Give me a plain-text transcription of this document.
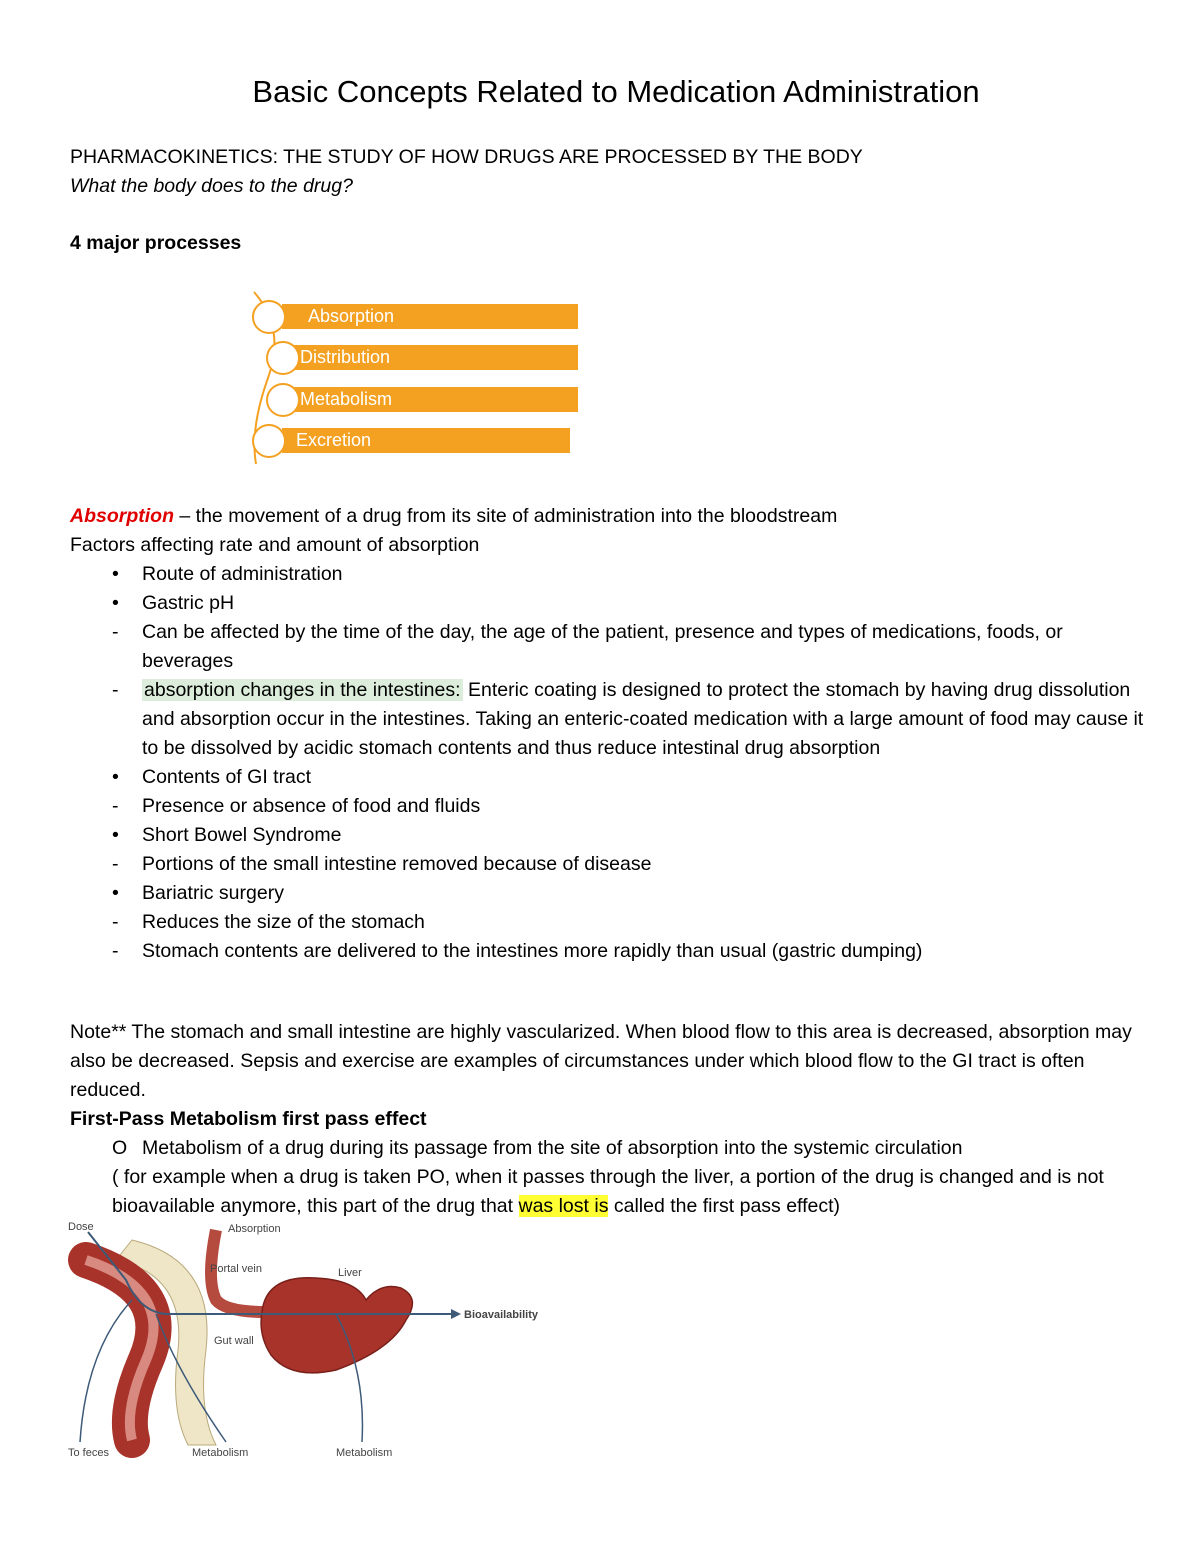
Basic Concepts Related to Medication Administration
PHARMACOKINETICS: THE STUDY OF HOW DRUGS ARE PROCESSED BY THE BODY
What the body does to the drug?
4 major processes
Absorption
Distribution
Metabolism
Excretion
Absorption – the movement of a drug from its site of administration into the bloodstream
Factors affecting rate and amount of absorption
• Route of administration
• Gastric pH
- Can be affected by the time of the day, the age of the patient, presence and types of medications, foods, or beverages
- absorption changes in the intestines: Enteric coating is designed to protect the stomach by having drug dissolution and absorption occur in the intestines. Taking an enteric-coated medication with a large amount of food may cause it to be dissolved by acidic stomach contents and thus reduce intestinal drug absorption
• Contents of GI tract
- Presence or absence of food and fluids
• Short Bowel Syndrome
- Portions of the small intestine removed because of disease
• Bariatric surgery
- Reduces the size of the stomach
- Stomach contents are delivered to the intestines more rapidly than usual (gastric dumping)
Note** The stomach and small intestine are highly vascularized. When blood flow to this area is decreased, absorption may also be decreased. Sepsis and exercise are examples of circumstances under which blood flow to the GI tract is often reduced.
First-Pass Metabolism first pass effect
O Metabolism of a drug during its passage from the site of absorption into the systemic circulation
( for example when a drug is taken PO, when it passes through the liver, a portion of the drug is changed and is not bioavailable anymore, this part of the drug that was lost is called the first pass effect)
Dose	Absorption
Portal vein	Liver
Gut wall
Bioavailability
To feces	Metabolism	Metabolism
